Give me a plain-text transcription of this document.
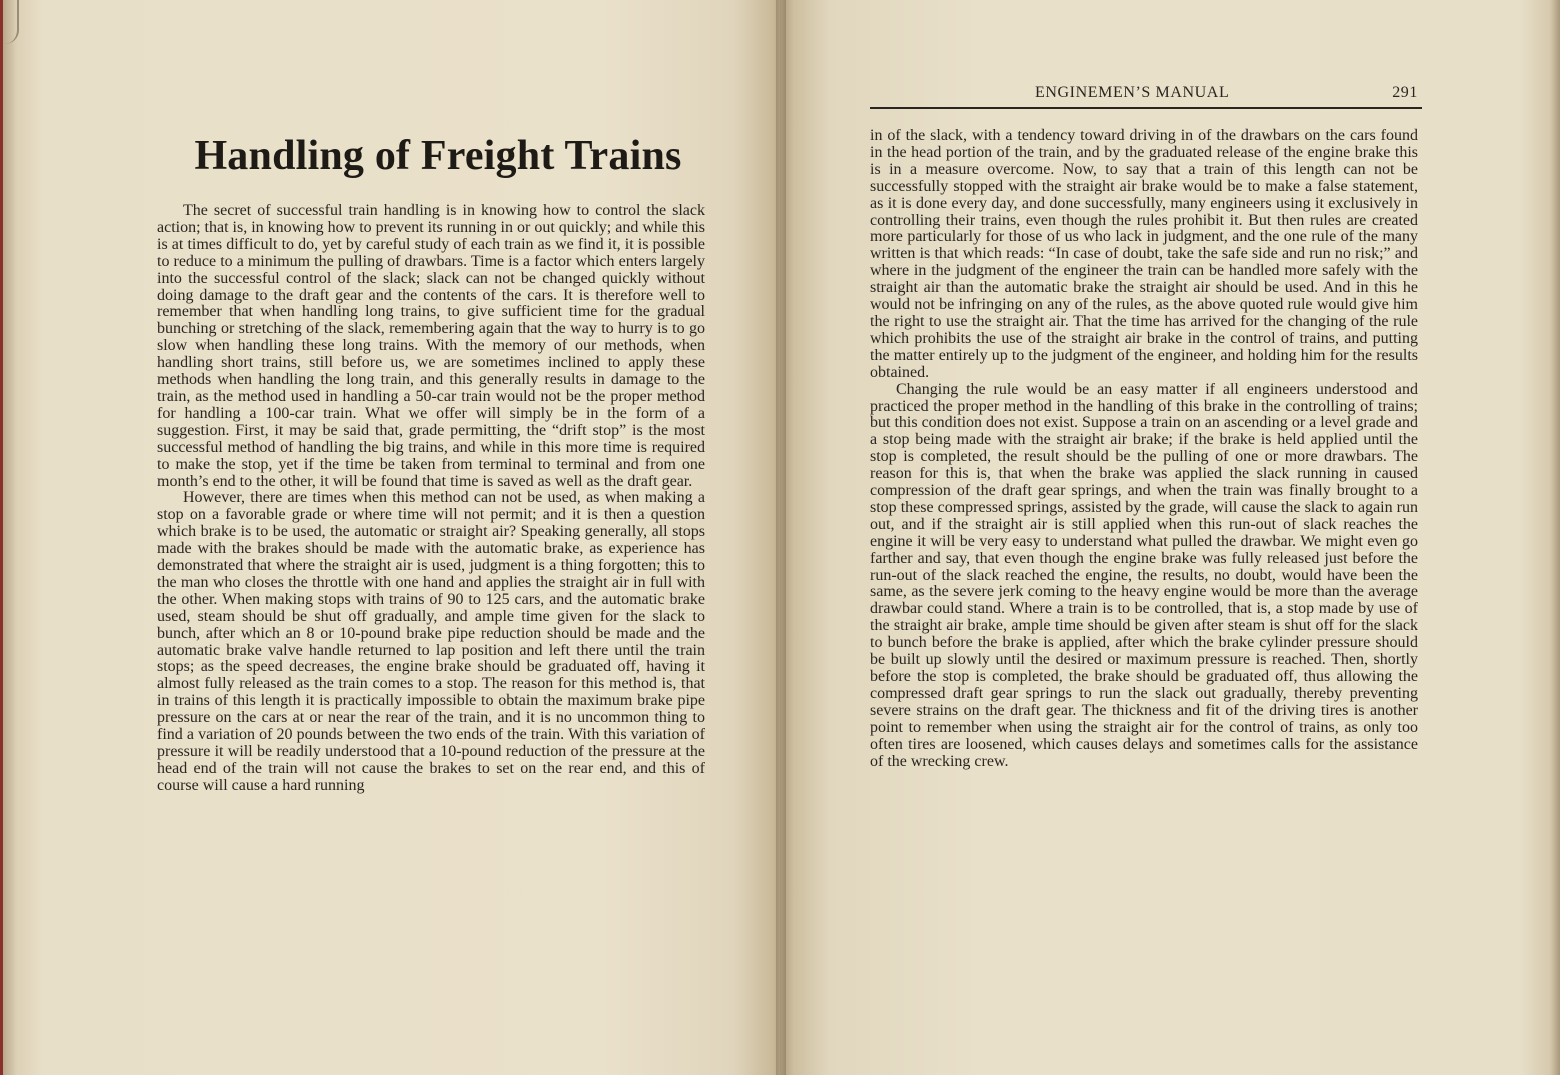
Handling of Freight Trains

The secret of successful train handling is in knowing how to control the slack action; that is, in knowing how to prevent its running in or out quickly; and while this is at times difficult to do, yet by careful study of each train as we find it, it is possible to reduce to a minimum the pulling of drawbars. Time is a factor which enters largely into the successful control of the slack; slack can not be changed quickly without doing damage to the draft gear and the contents of the cars. It is therefore well to remember that when handling long trains, to give sufficient time for the gradual bunching or stretching of the slack, remembering again that the way to hurry is to go slow when handling these long trains. With the memory of our methods, when handling short trains, still before us, we are sometimes inclined to apply these methods when handling the long train, and this generally results in damage to the train, as the method used in handling a 50-car train would not be the proper method for handling a 100-car train. What we offer will simply be in the form of a suggestion. First, it may be said that, grade permitting, the “drift stop” is the most successful method of handling the big trains, and while in this more time is required to make the stop, yet if the time be taken from terminal to terminal and from one month’s end to the other, it will be found that time is saved as well as the draft gear.

However, there are times when this method can not be used, as when making a stop on a favorable grade or where time will not permit; and it is then a question which brake is to be used, the automatic or straight air? Speaking generally, all stops made with the brakes should be made with the automatic brake, as experience has demonstrated that where the straight air is used, judgment is a thing forgotten; this to the man who closes the throttle with one hand and applies the straight air in full with the other. When making stops with trains of 90 to 125 cars, and the automatic brake used, steam should be shut off gradually, and ample time given for the slack to bunch, after which an 8 or 10-pound brake pipe reduction should be made and the automatic brake valve handle returned to lap position and left there until the train stops; as the speed decreases, the engine brake should be graduated off, having it almost fully released as the train comes to a stop. The reason for this method is, that in trains of this length it is practically impossible to obtain the maximum brake pipe pressure on the cars at or near the rear of the train, and it is no uncommon thing to find a variation of 20 pounds between the two ends of the train. With this variation of pressure it will be readily understood that a 10-pound reduction of the pressure at the head end of the train will not cause the brakes to set on the rear end, and this of course will cause a hard running

ENGINEMEN’S MANUAL	291

in of the slack, with a tendency toward driving in of the drawbars on the cars found in the head portion of the train, and by the graduated release of the engine brake this is in a measure overcome. Now, to say that a train of this length can not be successfully stopped with the straight air brake would be to make a false statement, as it is done every day, and done successfully, many engineers using it exclusively in controlling their trains, even though the rules prohibit it. But then rules are created more particularly for those of us who lack in judgment, and the one rule of the many written is that which reads: “In case of doubt, take the safe side and run no risk;” and where in the judgment of the engineer the train can be handled more safely with the straight air than the automatic brake the straight air should be used. And in this he would not be infringing on any of the rules, as the above quoted rule would give him the right to use the straight air. That the time has arrived for the changing of the rule which prohibits the use of the straight air brake in the control of trains, and putting the matter entirely up to the judgment of the engineer, and holding him for the results obtained.

Changing the rule would be an easy matter if all engineers understood and practiced the proper method in the handling of this brake in the controlling of trains; but this condition does not exist. Suppose a train on an ascending or a level grade and a stop being made with the straight air brake; if the brake is held applied until the stop is completed, the result should be the pulling of one or more drawbars. The reason for this is, that when the brake was applied the slack running in caused compression of the draft gear springs, and when the train was finally brought to a stop these compressed springs, assisted by the grade, will cause the slack to again run out, and if the straight air is still applied when this run-out of slack reaches the engine it will be very easy to understand what pulled the drawbar. We might even go farther and say, that even though the engine brake was fully released just before the run-out of the slack reached the engine, the results, no doubt, would have been the same, as the severe jerk coming to the heavy engine would be more than the average drawbar could stand. Where a train is to be controlled, that is, a stop made by use of the straight air brake, ample time should be given after steam is shut off for the slack to bunch before the brake is applied, after which the brake cylinder pressure should be built up slowly until the desired or maximum pressure is reached. Then, shortly before the stop is completed, the brake should be graduated off, thus allowing the compressed draft gear springs to run the slack out gradually, thereby preventing severe strains on the draft gear. The thickness and fit of the driving tires is another point to remember when using the straight air for the control of trains, as only too often tires are loosened, which causes delays and sometimes calls for the assistance of the wrecking crew.
